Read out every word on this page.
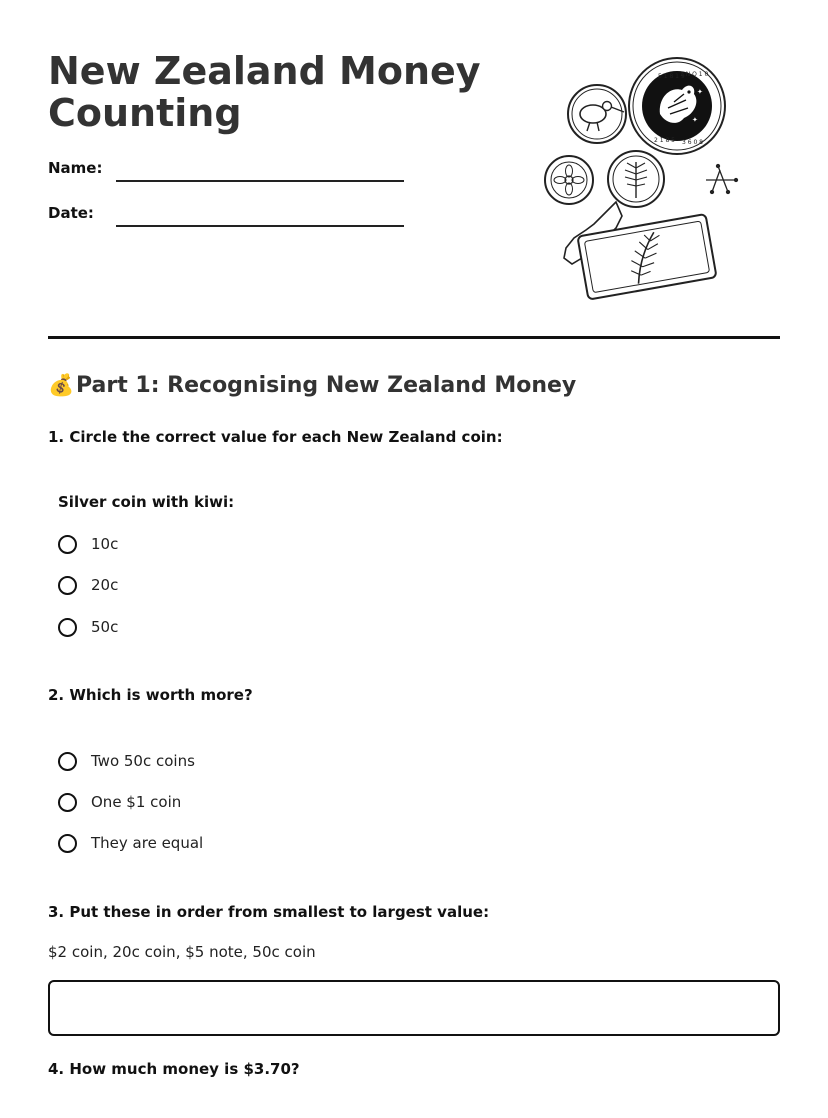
New Zealand Money Counting
Name:
Date:
✦
✦
5 1 8 1 9
1 N O 1 0
2 1 8 5 3 6 0 8
💰Part 1: Recognising New Zealand Money
1. Circle the correct value for each New Zealand coin:
Silver coin with kiwi:
10c
20c
50c
2. Which is worth more?
Two 50c coins
One $1 coin
They are equal
3. Put these in order from smallest to largest value:
$2 coin, 20c coin, $5 note, 50c coin
4. How much money is $3.70?
